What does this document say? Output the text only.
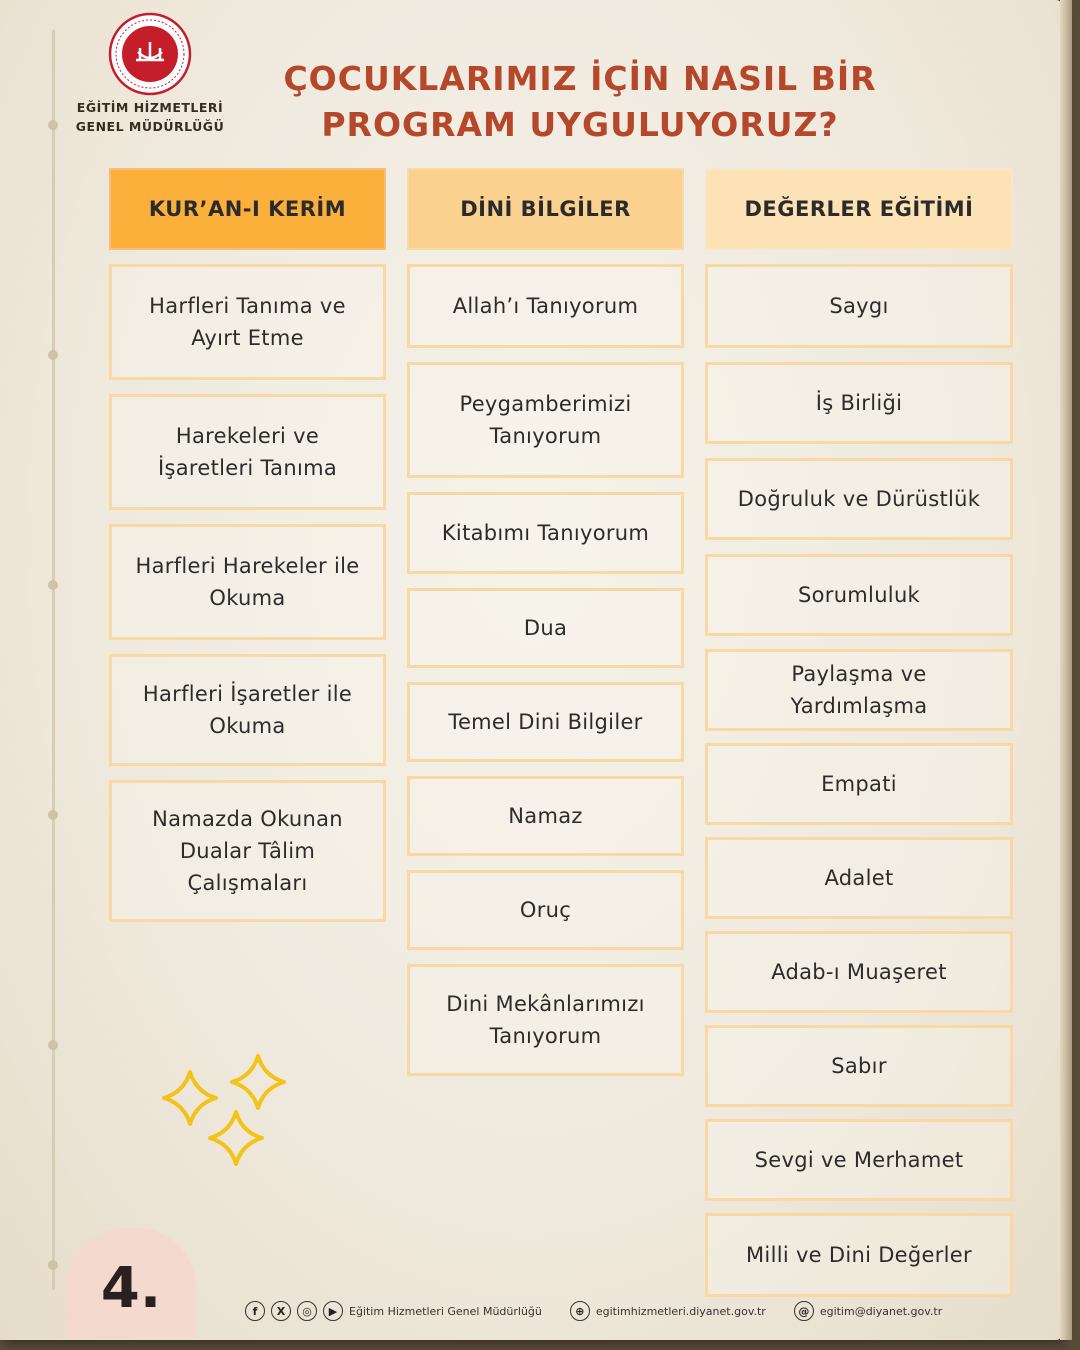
EĞİTİM HİZMETLERİ
GENEL MÜDÜRLÜĞÜ
ÇOCUKLARIMIZ İÇİN NASIL BİR
PROGRAM UYGULUYORUZ?
KUR’AN-I KERİM
Harfleri Tanıma ve Ayırt Etme
Harekeleri ve İşaretleri Tanıma
Harfleri Harekeler ile Okuma
Harfleri İşaretler ile Okuma
Namazda Okunan Dualar Tâlim Çalışmaları
DİNİ BİLGİLER
Allah’ı Tanıyorum
Peygamberimizi Tanıyorum
Kitabımı Tanıyorum
Dua
Temel Dini Bilgiler
Namaz
Oruç
Dini Mekânlarımızı Tanıyorum
DEĞERLER EĞİTİMİ
Saygı
İş Birliği
Doğruluk ve Dürüstlük
Sorumluluk
Paylaşma ve Yardımlaşma
Empati
Adalet
Adab-ı Muaşeret
Sabır
Sevgi ve Merhamet
Milli ve Dini Değerler
4.	f	X	◎	▶	Eğitim Hizmetleri Genel Müdürlüğü	⊕	egitimhizmetleri.diyanet.gov.tr	@ egitim@diyanet.gov.tr
